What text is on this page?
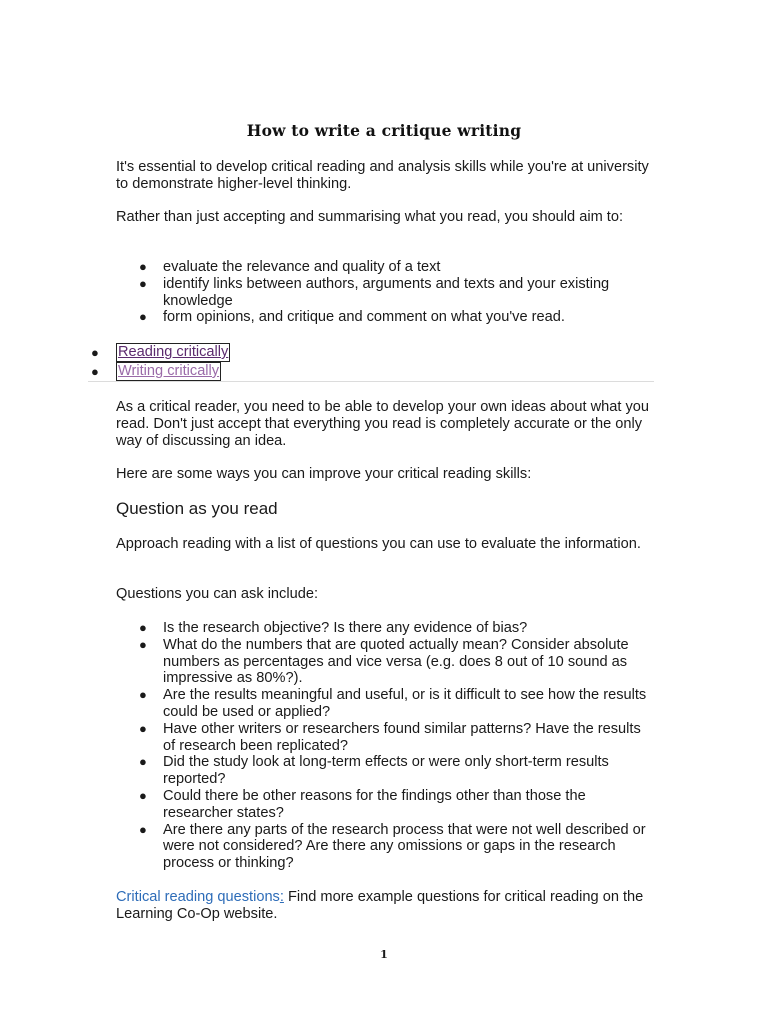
How to write a critique writing

It's essential to develop critical reading and analysis skills while you're at university to demonstrate higher-level thinking.

Rather than just accepting and summarising what you read, you should aim to:

● evaluate the relevance and quality of a text
● identify links between authors, arguments and texts and your existing knowledge
● form opinions, and critique and comment on what you've read.
● Reading critically
● Writing critically

As a critical reader, you need to be able to develop your own ideas about what you read. Don't just accept that everything you read is completely accurate or the only way of discussing an idea.

Here are some ways you can improve your critical reading skills:

Question as you read

Approach reading with a list of questions you can use to evaluate the information.

Questions you can ask include:

● Is the research objective? Is there any evidence of bias?
● What do the numbers that are quoted actually mean? Consider absolute numbers as percentages and vice versa (e.g. does 8 out of 10 sound as impressive as 80%?).
● Are the results meaningful and useful, or is it difficult to see how the results could be used or applied?
● Have other writers or researchers found similar patterns? Have the results of research been replicated?
● Did the study look at long-term effects or were only short-term results reported?
● Could there be other reasons for the findings other than those the researcher states?
● Are there any parts of the research process that were not well described or were not considered? Are there any omissions or gaps in the research process or thinking?

Critical reading questions: Find more example questions for critical reading on the Learning Co-Op website.

1
